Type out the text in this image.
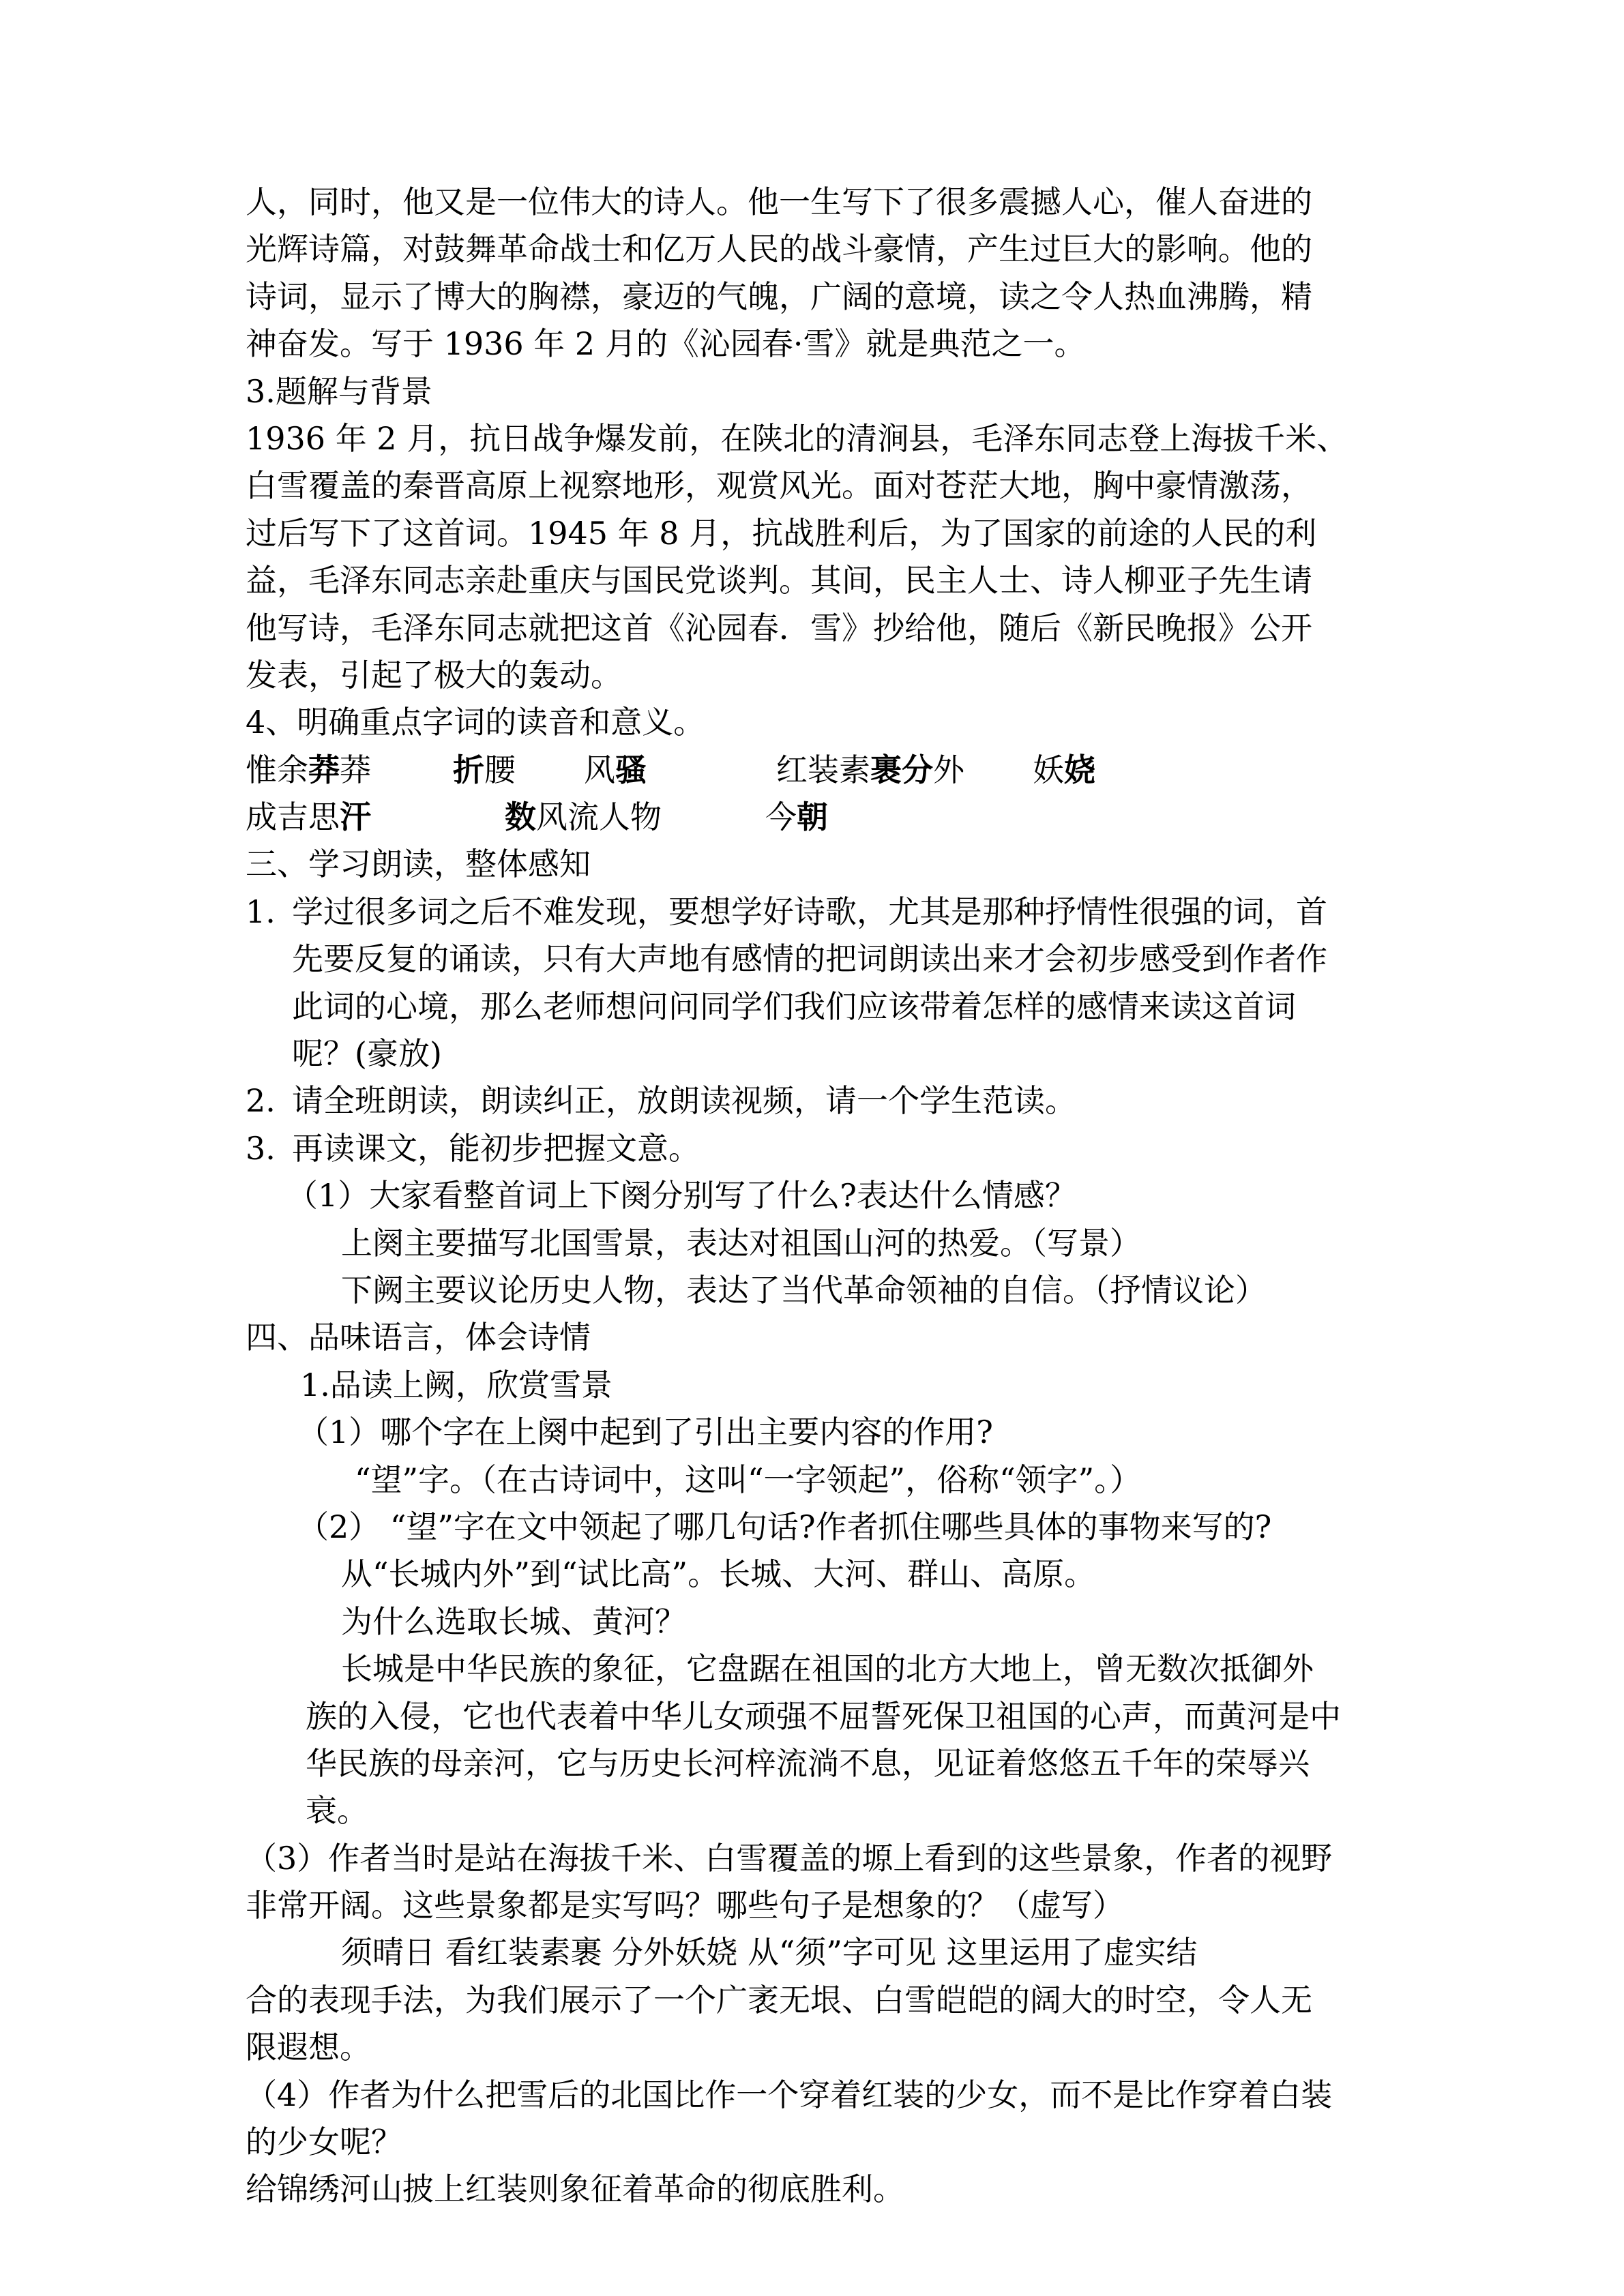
人，同时，他又是一位伟大的诗人。他一生写下了很多震撼人心，催人奋进的
光辉诗篇，对鼓舞革命战士和亿万人民的战斗豪情，产生过巨大的影响。他的
诗词，显示了博大的胸襟，豪迈的气魄，广阔的意境，读之令人热血沸腾，精
神奋发。写于 1936 年 2 月的《沁园春·雪》就是典范之一。
3.题解与背景
1936 年 2 月，抗日战争爆发前，在陕北的清涧县，毛泽东同志登上海拔千米、
白雪覆盖的秦晋高原上视察地形，观赏风光。面对苍茫大地，胸中豪情激荡，
过后写下了这首词。1945 年 8 月，抗战胜利后，为了国家的前途的人民的利
益，毛泽东同志亲赴重庆与国民党谈判。其间，民主人士、诗人柳亚子先生请
他写诗，毛泽东同志就把这首《沁园春．雪》抄给他，随后《新民晚报》公开
发表，引起了极大的轰动。
4、明确重点字词的读音和意义。
惟余莽莽	折腰 风骚	红装素裹分外 妖娆
成吉思汗	数风流人物	今朝
三、学习朗读，整体感知
1. 学过很多词之后不难发现，要想学好诗歌，尤其是那种抒情性很强的词，首
先要反复的诵读，只有大声地有感情的把词朗读出来才会初步感受到作者作
此词的心境，那么老师想问问同学们我们应该带着怎样的感情来读这首词
呢？(豪放)
2. 请全班朗读，朗读纠正，放朗读视频，请一个学生范读。
3. 再读课文，能初步把握文意。
（1）大家看整首词上下阕分别写了什么?表达什么情感？
上阕主要描写北国雪景，表达对祖国山河的热爱。（写景）
下阙主要议论历史人物，表达了当代革命领袖的自信。（抒情议论）
四、品味语言，体会诗情
1.品读上阙，欣赏雪景
（1）哪个字在上阕中起到了引出主要内容的作用?
“望”字。（在古诗词中，这叫“一字领起”，俗称“领字”。）
（2） “望”字在文中领起了哪几句话?作者抓住哪些具体的事物来写的?
从“长城内外”到“试比高”。长城、大河、群山、高原。
为什么选取长城、黄河？
长城是中华民族的象征，它盘踞在祖国的北方大地上，曾无数次抵御外
族的入侵，它也代表着中华儿女顽强不屈誓死保卫祖国的心声，而黄河是中
华民族的母亲河，它与历史长河梓流淌不息，见证着悠悠五千年的荣辱兴
衰。
（3）作者当时是站在海拔千米、白雪覆盖的塬上看到的这些景象，作者的视野
非常开阔。这些景象都是实写吗？哪些句子是想象的？（虚写）
须晴日 看红装素裹 分外妖娆 从“须”字可见 这里运用了虚实结
合的表现手法，为我们展示了一个广袤无垠、白雪皑皑的阔大的时空，令人无
限遐想。
（4）作者为什么把雪后的北国比作一个穿着红装的少女，而不是比作穿着白装
的少女呢？
给锦绣河山披上红装则象征着革命的彻底胜利。
